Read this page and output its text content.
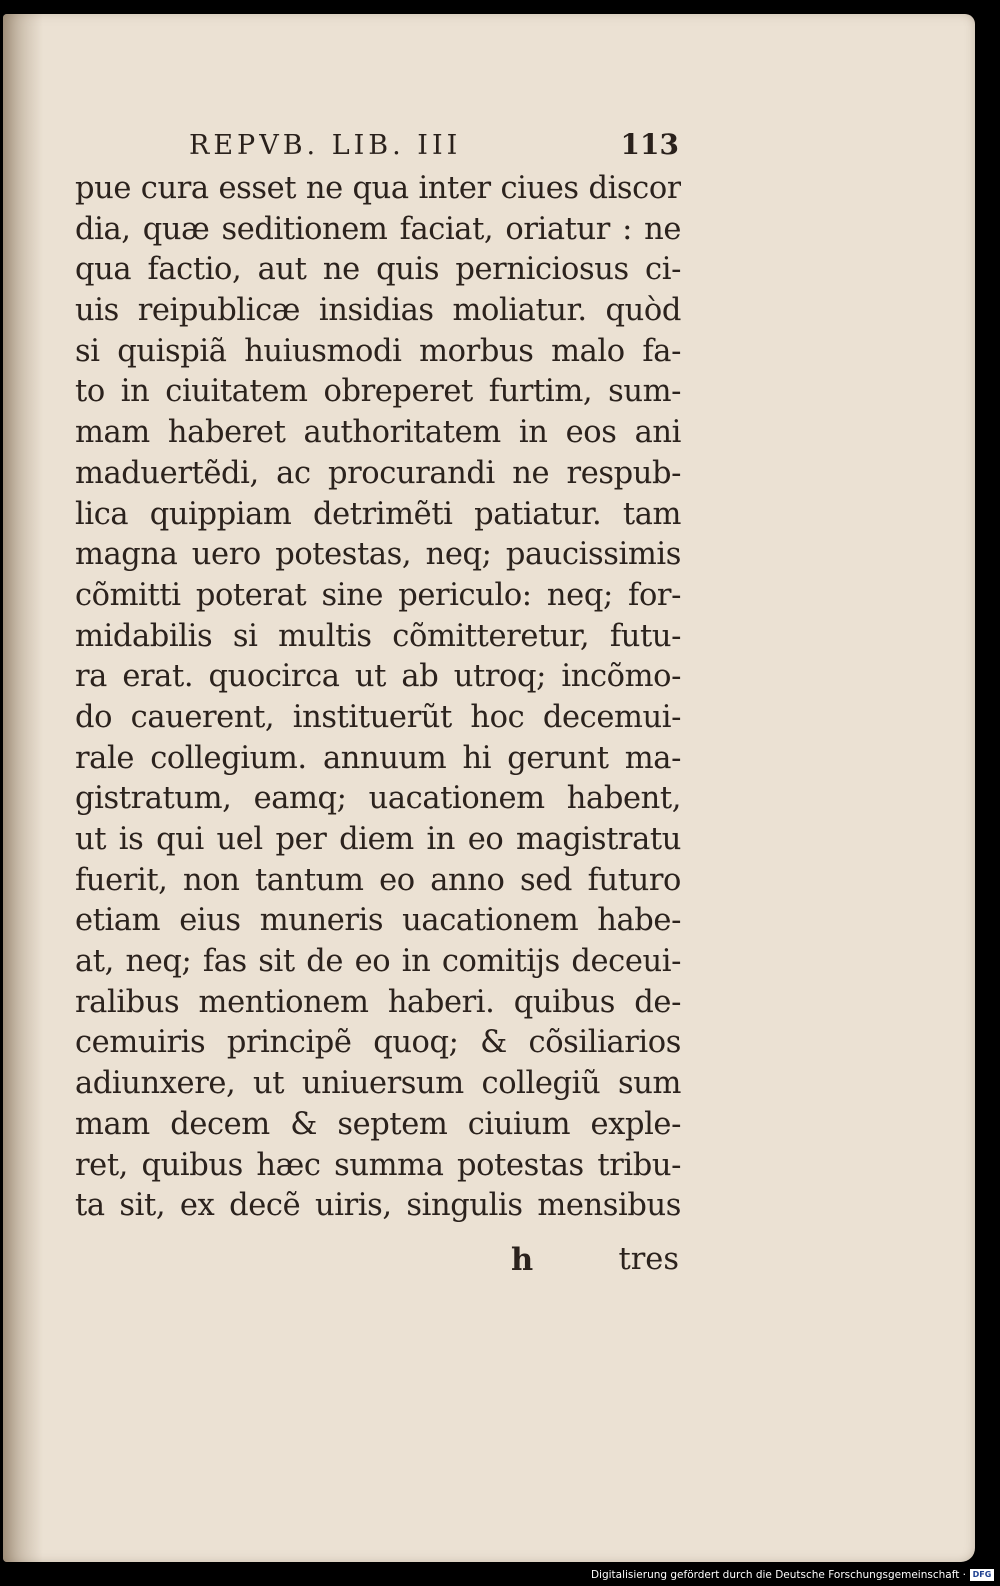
REPVB. LIB. III	113
pue cura esset ne qua inter ciues discor
dia, quæ seditionem faciat, oriatur : ne
qua factio, aut ne quis perniciosus ci-
uis reipublicæ insidias moliatur. quòd
si quispiã huiusmodi morbus malo fa-
to in ciuitatem obreperet furtim, sum-
mam haberet authoritatem in eos ani
maduertẽdi, ac procurandi ne respub-
lica quippiam detrimẽti patiatur. tam
magna uero potestas, neq; paucissimis
cõmitti poterat sine periculo: neq; for-
midabilis si multis cõmitteretur, futu-
ra erat. quocirca ut ab utroq; incõmo-
do cauerent, instituerũt hoc decemui-
rale collegium. annuum hi gerunt ma-
gistratum, eamq; uacationem habent,
ut is qui uel per diem in eo magistratu
fuerit, non tantum eo anno sed futuro
etiam eius muneris uacationem habe-
at, neq; fas sit de eo in comitijs deceui-
ralibus mentionem haberi. quibus de-
cemuiris principẽ quoq; & cõsiliarios
adiunxere, ut uniuersum collegiũ sum
mam decem & septem ciuium exple-
ret, quibus hæc summa potestas tribu-
ta sit, ex decẽ uiris, singulis mensibus
h	tres
Digitalisierung gefördert durch die Deutsche Forschungsgemeinschaft · DFG
